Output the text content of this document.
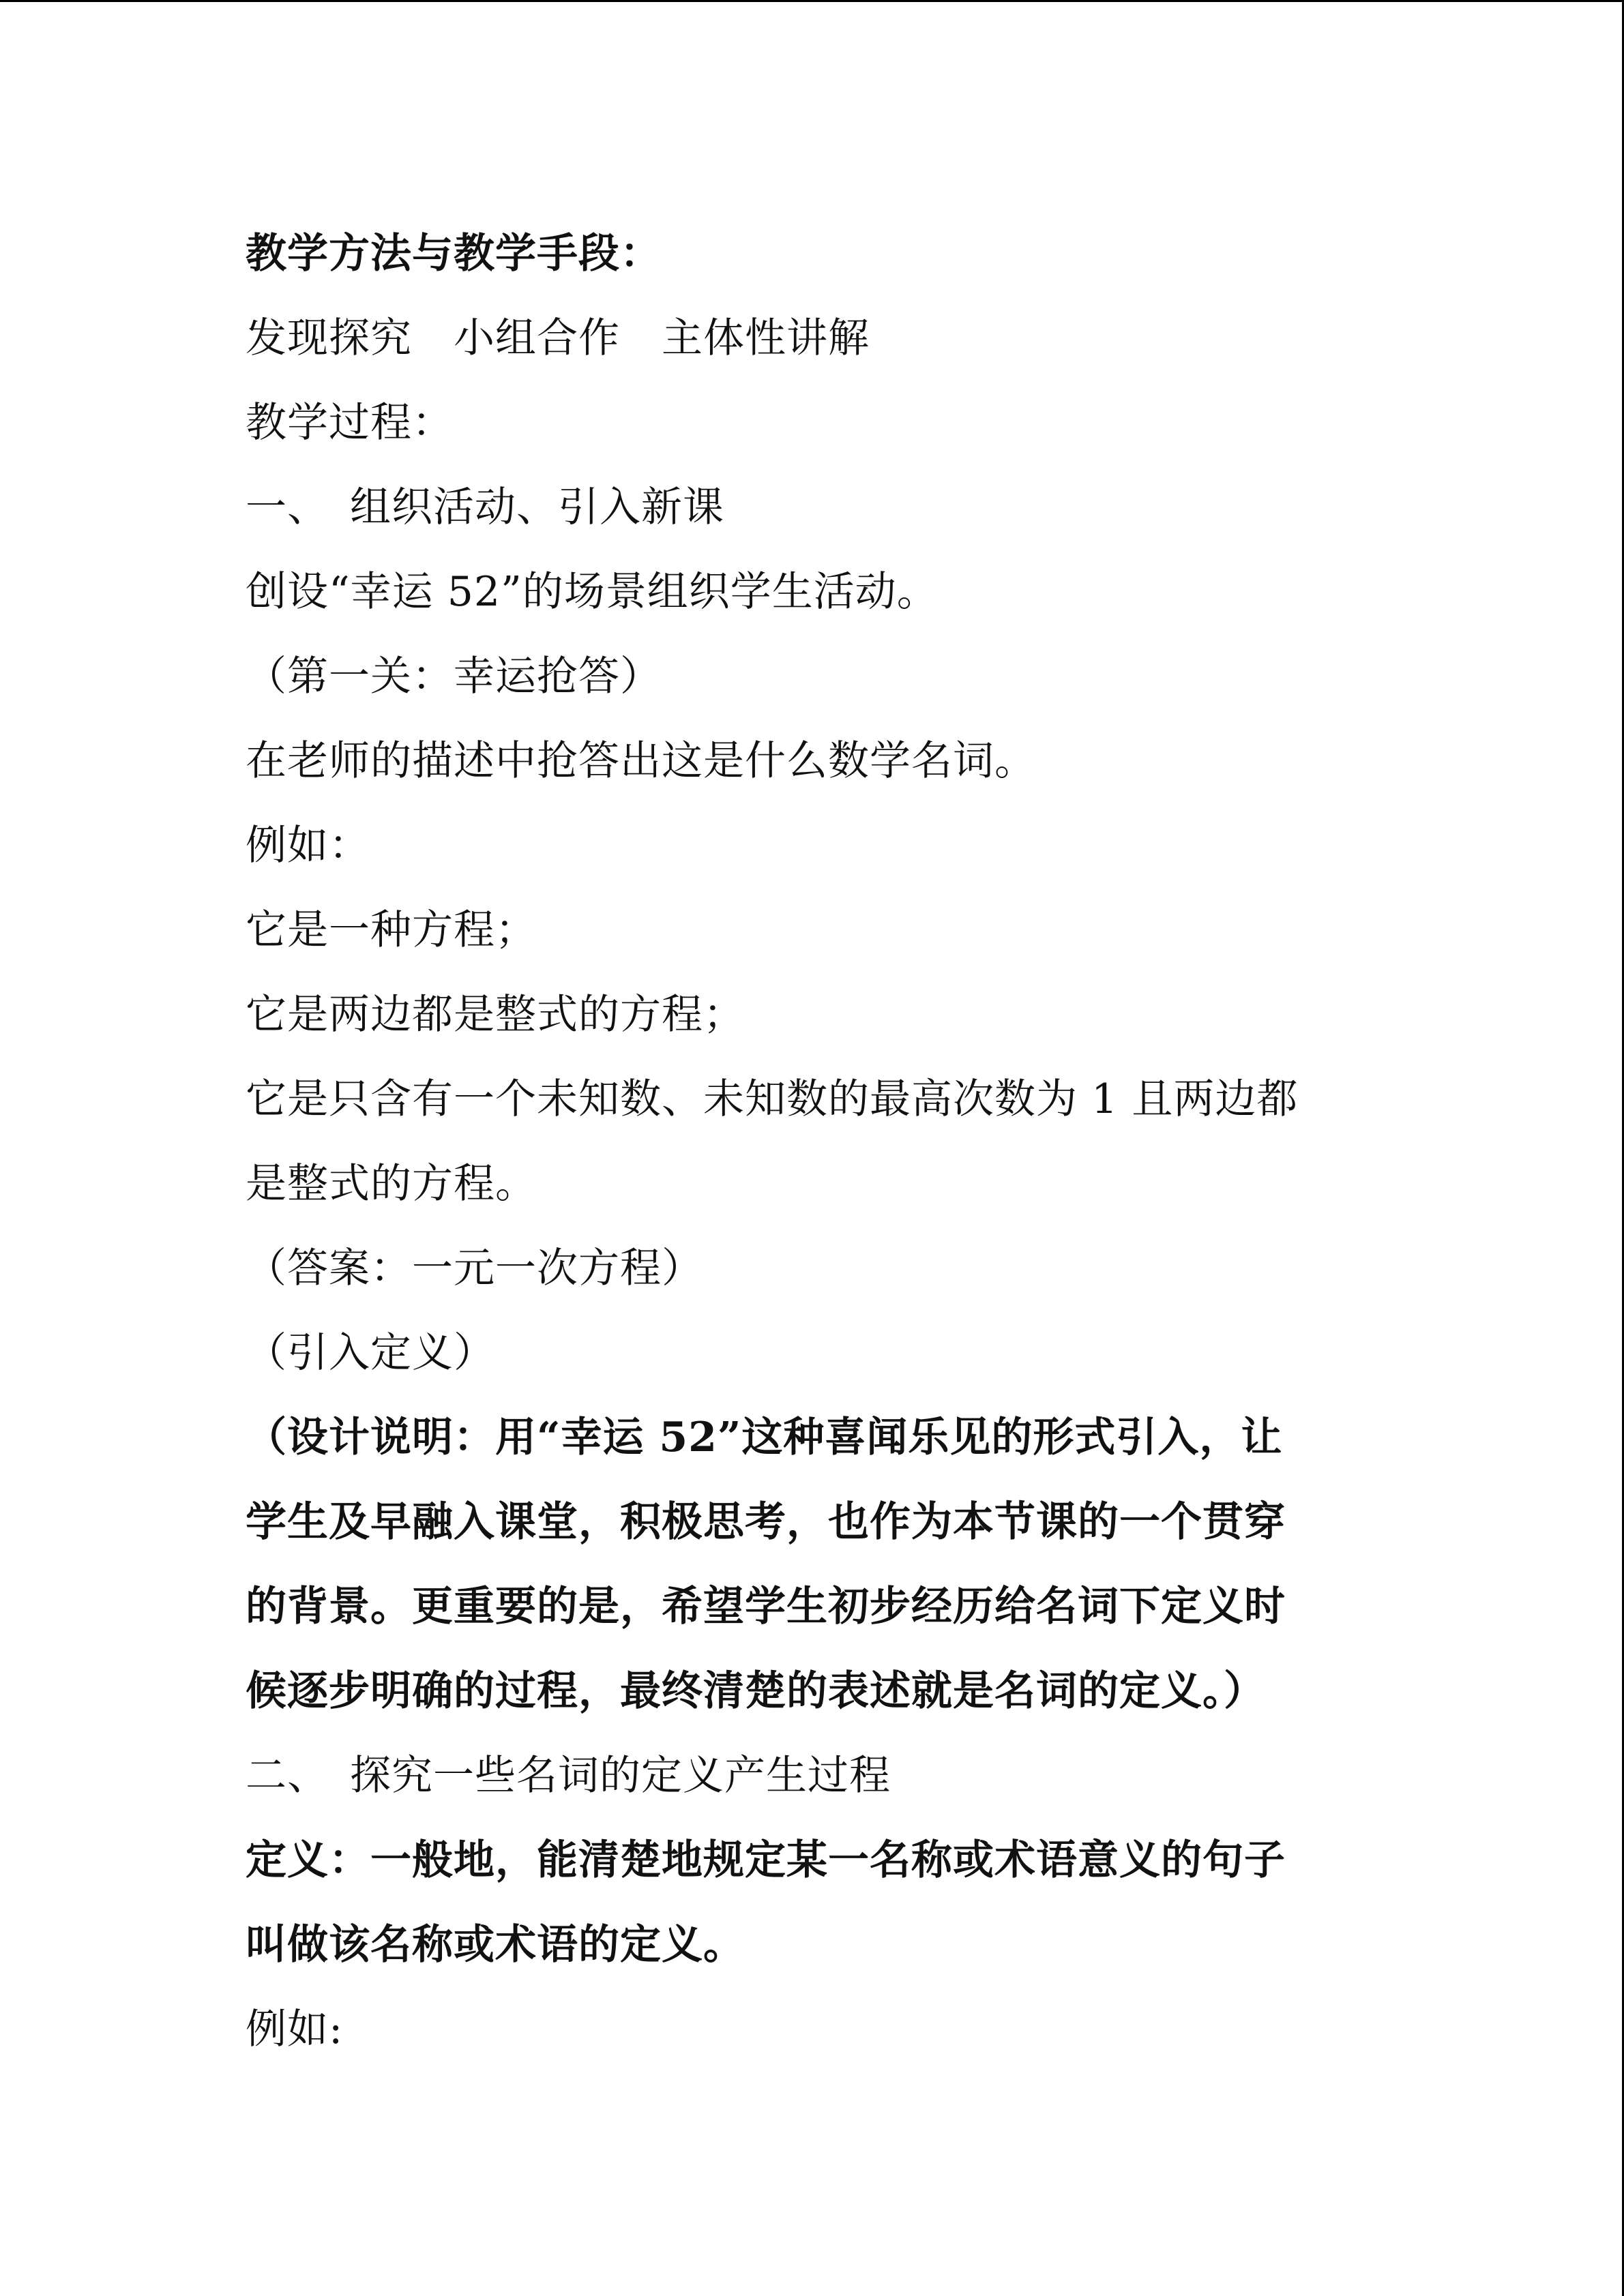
教学方法与教学手段：
发现探究　小组合作　主体性讲解
教学过程：
一、　组织活动、引入新课
创设“幸运 52”的场景组织学生活动。
（第一关：幸运抢答）
在老师的描述中抢答出这是什么数学名词。
例如：
它是一种方程；
它是两边都是整式的方程；
它是只含有一个未知数、未知数的最高次数为 1 且两边都
是整式的方程。
（答案：一元一次方程）
（引入定义）
（设计说明：用“幸运 52”这种喜闻乐见的形式引入，让
学生及早融入课堂，积极思考，也作为本节课的一个贯穿
的背景。更重要的是，希望学生初步经历给名词下定义时
候逐步明确的过程，最终清楚的表述就是名词的定义。）
二、　探究一些名词的定义产生过程
定义：一般地，能清楚地规定某一名称或术语意义的句子
叫做该名称或术语的定义。
例如:
